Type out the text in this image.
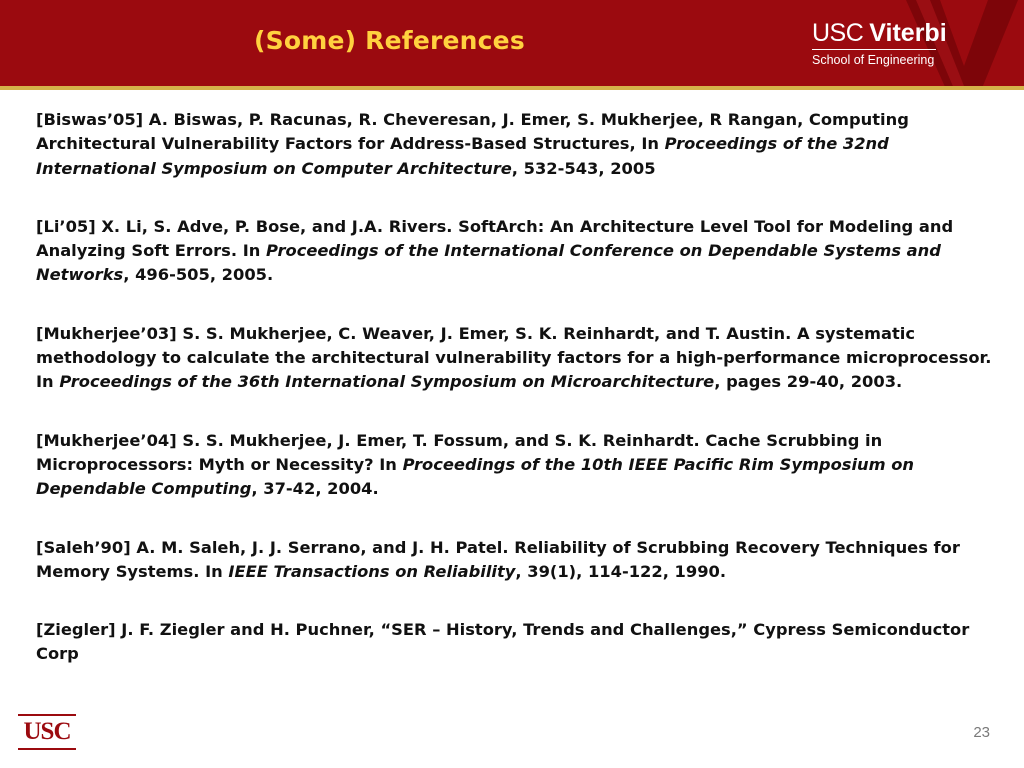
(Some) References	USC Viterbi
School of Engineering

[Biswas’05] A. Biswas, P. Racunas, R. Cheveresan, J. Emer, S. Mukherjee, R Rangan, Computing Architectural Vulnerability Factors for Address-Based Structures, In Proceedings of the 32nd International Symposium on Computer Architecture, 532-543, 2005

[Li’05] X. Li, S. Adve, P. Bose, and J.A. Rivers. SoftArch: An Architecture Level Tool for Modeling and Analyzing Soft Errors. In Proceedings of the International Conference on Dependable Systems and Networks, 496-505, 2005.

[Mukherjee’03] S. S. Mukherjee, C. Weaver, J. Emer, S. K. Reinhardt, and T. Austin. A systematic methodology to calculate the architectural vulnerability factors for a high-performance microprocessor. In Proceedings of the 36th International Symposium on Microarchitecture, pages 29-40, 2003.

[Mukherjee’04] S. S. Mukherjee, J. Emer, T. Fossum, and S. K. Reinhardt. Cache Scrubbing in Microprocessors: Myth or Necessity? In Proceedings of the 10th IEEE Pacific Rim Symposium on Dependable Computing, 37-42, 2004.

[Saleh’90] A. M. Saleh, J. J. Serrano, and J. H. Patel. Reliability of Scrubbing Recovery Techniques for Memory Systems. In IEEE Transactions on Reliability, 39(1), 114-122, 1990.

[Ziegler] J. F. Ziegler and H. Puchner, “SER – History, Trends and Challenges,” Cypress Semiconductor Corp

USC	23
